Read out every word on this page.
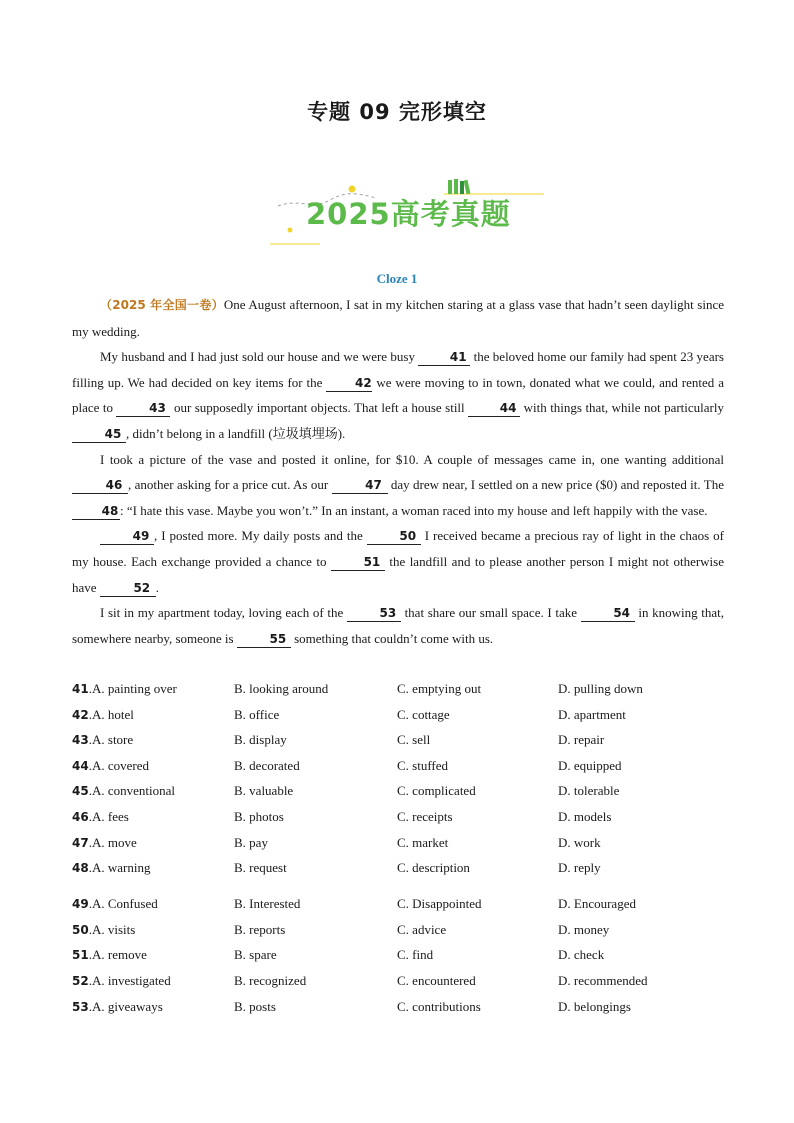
专题 09 完形填空
2025高考真题
Cloze 1

（2025 年全国一卷）One August afternoon, I sat in my kitchen staring at a glass vase that hadn’t seen daylight since my wedding.

My husband and I had just sold our house and we were busy	41 the beloved home our family had spent 23 years filling up. We had decided on key items for the 42 we were moving to in town, donated what we could, and rented a place to	43 our supposedly important objects. That left a house still	44 with things that, while not particularly 45 , didn’t belong in a landfill (垃圾填埋场).

I took a picture of the vase and posted it online, for $10. A couple of messages came in, one wanting additional 46 , another asking for a price cut. As our	47 day drew near, I settled on a new price ($0) and reposted it. The 48 : “I hate this vase. Maybe you won’t.” In an instant, a woman raced into my house and left happily with the vase.

49 , I posted more. My daily posts and the	50 I received became a precious ray of light in the chaos of my house. Each exchange provided a chance to	51 the landfill and to please another person I might not otherwise have	52 .

I sit in my apartment today, loving each of the	53 that share our small space. I take	54 in knowing that, somewhere nearby, someone is	55 something that couldn’t come with us.

41. A. painting over	B. looking around	C. emptying out	D. pulling down
42. A. hotel	B. office	C. cottage	D. apartment
43. A. store	B. display	C. sell	D. repair
44. A. covered	B. decorated	C. stuffed	D. equipped
45. A. conventional	B. valuable	C. complicated	D. tolerable
46. A. fees	B. photos	C. receipts	D. models
47. A. move	B. pay	C. market	D. work
48. A. warning	B. request	C. description	D. reply
49. A. Confused	B. Interested	C. Disappointed	D. Encouraged
50. A. visits	B. reports	C. advice	D. money
51. A. remove	B. spare	C. find	D. check
52. A. investigated	B. recognized	C. encountered	D. recommended
53. A. giveaways	B. posts	C. contributions	D. belongings
